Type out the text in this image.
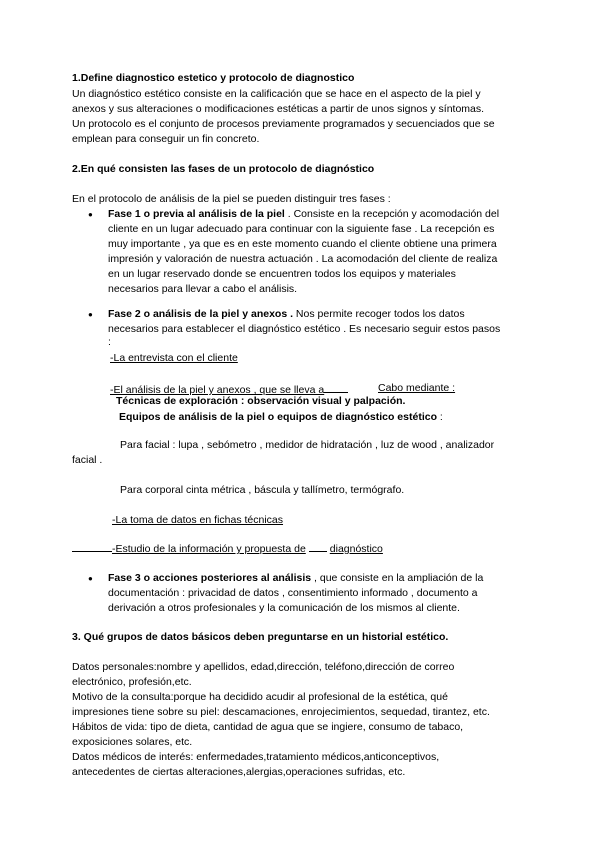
1.Define diagnostico estetico y protocolo de diagnostico
Un diagnóstico estético consiste en la calificación que se hace en el aspecto de la piel y
anexos y sus alteraciones o modificaciones estéticas a partir de unos signos y síntomas.
Un protocolo es el conjunto de procesos previamente programados y secuenciados que se
emplean para conseguir un fin concreto.
2.En qué consisten las fases de un protocolo de diagnóstico
En el protocolo de análisis de la piel se pueden distinguir tres fases :
● Fase 1 o previa al análisis de la piel . Consiste en la recepción y acomodación del
cliente en un lugar adecuado para continuar con la siguiente fase . La recepción es
muy importante , ya que es en este momento cuando el cliente obtiene una primera
impresión y valoración de nuestra actuación . La acomodación del cliente de realiza
en un lugar reservado donde se encuentren todos los equipos y materiales
necesarios para llevar a cabo el análisis.
● Fase 2 o análisis de la piel y anexos . Nos permite recoger todos los datos
necesarios para establecer el diagnóstico estético . Es necesario seguir estos pasos
:
-La entrevista con el cliente
-El análisis de la piel y anexos , que se lleva a	Cabo mediante :
Técnicas de exploración : observación visual y palpación.
Equipos de análisis de la piel o equipos de diagnóstico estético :
Para facial : lupa , sebómetro , medidor de hidratación , luz de wood , analizador
facial .
Para corporal cinta métrica , báscula y tallímetro, termógrafo.
-La toma de datos en fichas técnicas
-Estudio de la información y propuesta de diagnóstico
● Fase 3 o acciones posteriores al análisis , que consiste en la ampliación de la
documentación : privacidad de datos , consentimiento informado , documento a
derivación a otros profesionales y la comunicación de los mismos al cliente.
3. Qué grupos de datos básicos deben preguntarse en un historial estético.
Datos personales:nombre y apellidos, edad,dirección, teléfono,dirección de correo
electrónico, profesión,etc.
Motivo de la consulta:porque ha decidido acudir al profesional de la estética, qué
impresiones tiene sobre su piel: descamaciones, enrojecimientos, sequedad, tirantez, etc.
Hábitos de vida: tipo de dieta, cantidad de agua que se ingiere, consumo de tabaco,
exposiciones solares, etc.
Datos médicos de interés: enfermedades,tratamiento médicos,anticonceptivos,
antecedentes de ciertas alteraciones,alergias,operaciones sufridas, etc.
